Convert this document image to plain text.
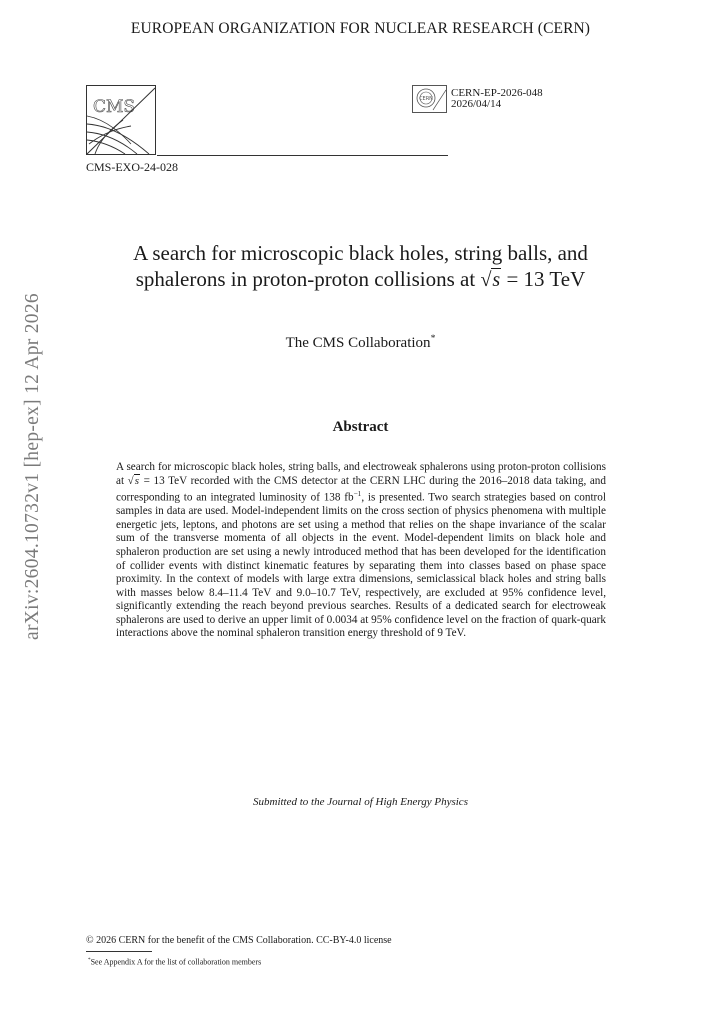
EUROPEAN ORGANIZATION FOR NUCLEAR RESEARCH (CERN)
CMS
CMS-EXO-24-028
CERN CERN-EP-2026-048
2026/04/14
arXiv:2604.10732v1 [hep-ex] 12 Apr 2026
A search for microscopic black holes, string balls, and
sphalerons in proton-proton collisions at √s = 13 TeV
The CMS Collaboration*
Abstract
A search for microscopic black holes, string balls, and electroweak sphalerons using proton-proton collisions at √s = 13 TeV recorded with the CMS detector at the CERN LHC during the 2016–2018 data taking, and corresponding to an integrated luminosity of 138 $fb^{-1}$, is presented. Two search strategies based on control samples in data are used. Model-independent limits on the cross section of physics phenomena with multiple energetic jets, leptons, and photons are set using a method that relies on the shape invariance of the scalar sum of the transverse momenta of all objects in the event. Model-dependent limits on black hole and sphaleron production are set using a newly introduced method that has been developed for the identification of collider events with distinct kinematic features by separating them into classes based on phase space proximity. In the context of models with large extra dimensions, semiclassical black holes and string balls with masses below 8.4–11.4 TeV and 9.0–10.7 TeV, respectively, are excluded at 95% confidence level, significantly extending the reach beyond previous searches. Results of a dedicated search for electroweak sphalerons are used to derive an upper limit of 0.0034 at 95% confidence level on the fraction of quark-quark interactions above the nominal sphaleron transition energy threshold of 9 TeV.
Submitted to the Journal of High Energy Physics
© 2026 CERN for the benefit of the CMS Collaboration. CC-BY-4.0 license
*See Appendix A for the list of collaboration members
